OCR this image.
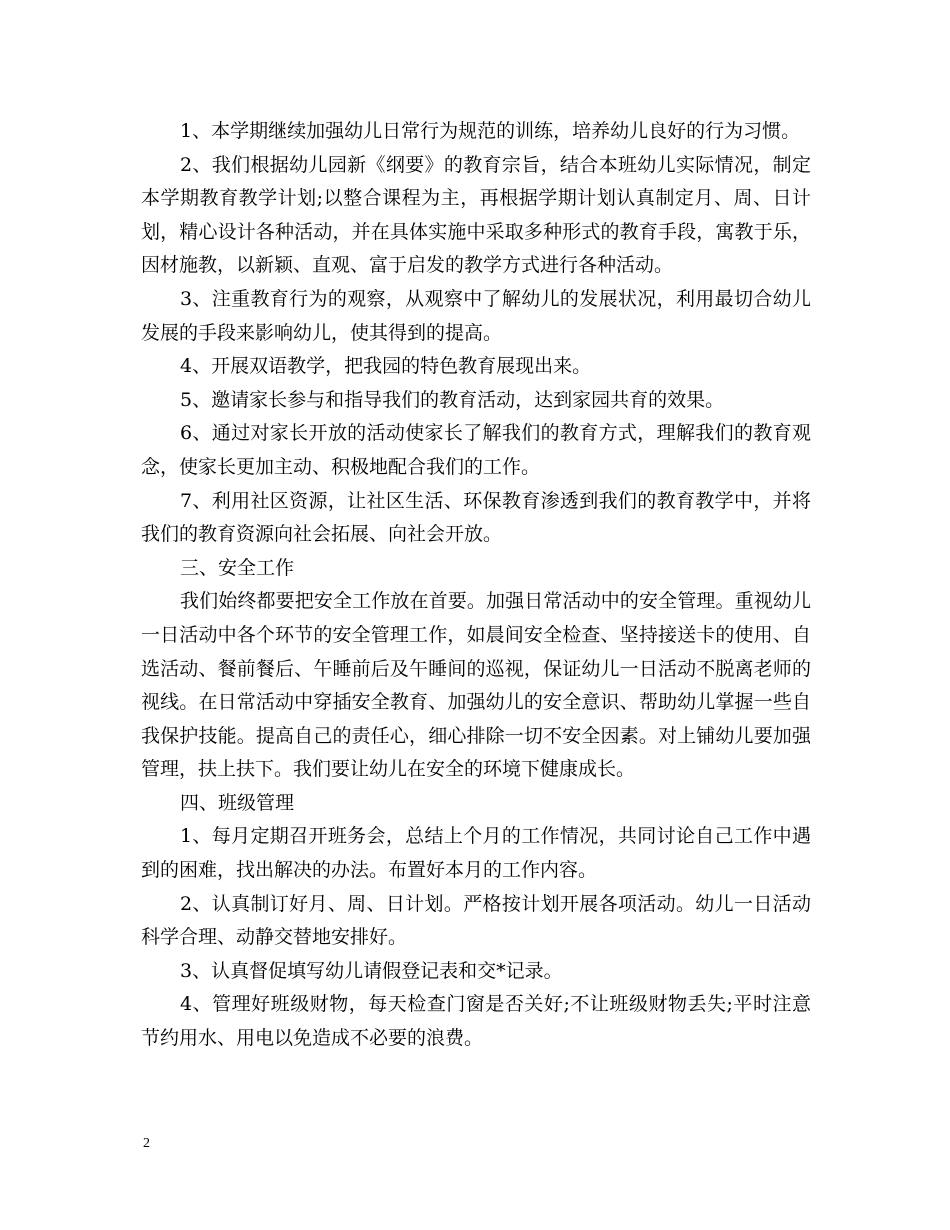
1、本学期继续加强幼儿日常行为规范的训练，培养幼儿良好的行为习惯。

2、我们根据幼儿园新《纲要》的教育宗旨，结合本班幼儿实际情况，制定本学期教育教学计划;以整合课程为主，再根据学期计划认真制定月、周、日计划，精心设计各种活动，并在具体实施中采取多种形式的教育手段，寓教于乐，因材施教，以新颖、直观、富于启发的教学方式进行各种活动。

3、注重教育行为的观察，从观察中了解幼儿的发展状况，利用最切合幼儿发展的手段来影响幼儿，使其得到的提高。

4、开展双语教学，把我园的特色教育展现出来。

5、邀请家长参与和指导我们的教育活动，达到家园共育的效果。

6、通过对家长开放的活动使家长了解我们的教育方式，理解我们的教育观念，使家长更加主动、积极地配合我们的工作。

7、利用社区资源，让社区生活、环保教育渗透到我们的教育教学中，并将我们的教育资源向社会拓展、向社会开放。

三、安全工作

我们始终都要把安全工作放在首要。加强日常活动中的安全管理。重视幼儿一日活动中各个环节的安全管理工作，如晨间安全检查、坚持接送卡的使用、自选活动、餐前餐后、午睡前后及午睡间的巡视，保证幼儿一日活动不脱离老师的视线。在日常活动中穿插安全教育、加强幼儿的安全意识、帮助幼儿掌握一些自我保护技能。提高自己的责任心，细心排除一切不安全因素。对上铺幼儿要加强管理，扶上扶下。我们要让幼儿在安全的环境下健康成长。

四、班级管理

1、每月定期召开班务会，总结上个月的工作情况，共同讨论自己工作中遇到的困难，找出解决的办法。布置好本月的工作内容。

2、认真制订好月、周、日计划。严格按计划开展各项活动。幼儿一日活动科学合理、动静交替地安排好。

3、认真督促填写幼儿请假登记表和交*记录。

4、管理好班级财物，每天检查门窗是否关好;不让班级财物丢失;平时注意节约用水、用电以免造成不必要的浪费。

2
